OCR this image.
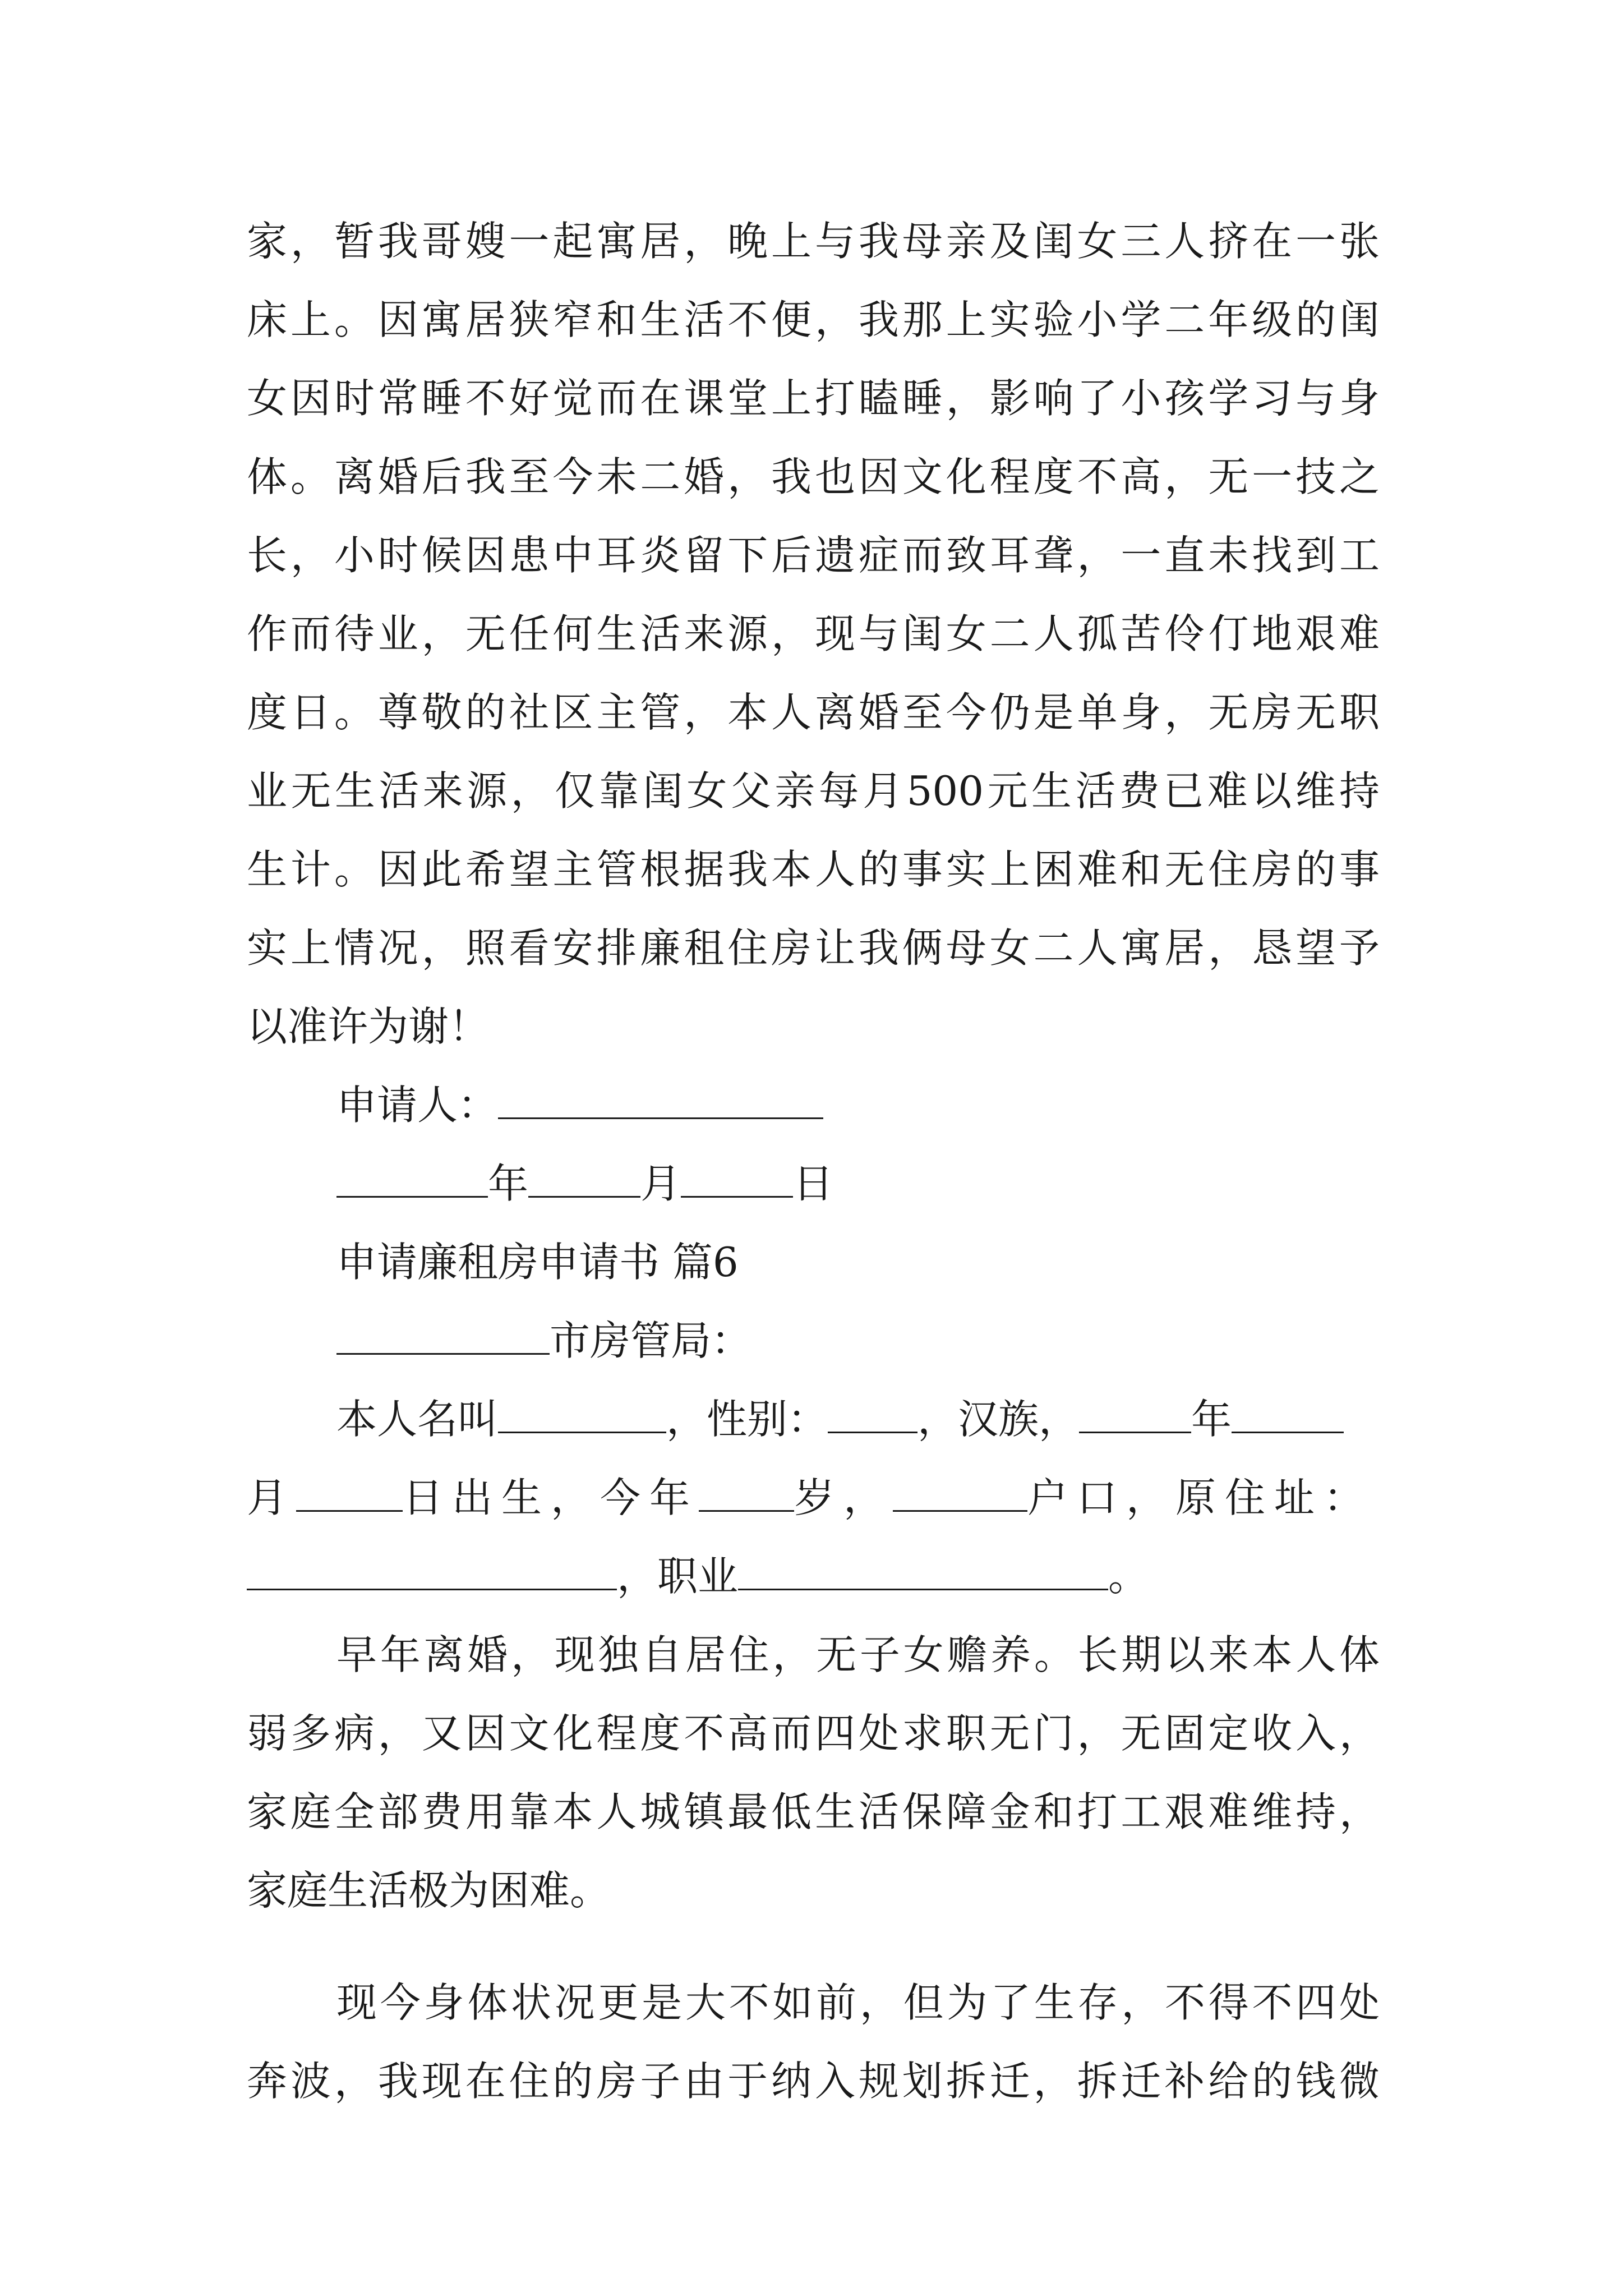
家，暂我哥嫂一起寓居，晚上与我母亲及闺女三人挤在一张
床上。因寓居狭窄和生活不便，我那上实验小学二年级的闺
女因时常睡不好觉而在课堂上打瞌睡，影响了小孩学习与身
体。离婚后我至今未二婚，我也因文化程度不高，无一技之
长，小时候因患中耳炎留下后遗症而致耳聋，一直未找到工
作而待业，无任何生活来源，现与闺女二人孤苦伶仃地艰难
度日。尊敬的社区主管，本人离婚至今仍是单身，无房无职
业无生活来源，仅靠闺女父亲每月500元生活费已难以维持
生计。因此希望主管根据我本人的事实上困难和无住房的事
实上情况，照看安排廉租住房让我俩母女二人寓居，恳望予
以准许为谢！
申请人：
年	月	日
申请廉租房申请书 篇6
市房管局：
本人名叫	，性别： ，汉族，	年
月	日出生，今年 岁，	户口，原住址：
，职业	。
早年离婚，现独自居住，无子女赡养。长期以来本人体
弱多病，又因文化程度不高而四处求职无门，无固定收入，
家庭全部费用靠本人城镇最低生活保障金和打工艰难维持，
家庭生活极为困难。
现今身体状况更是大不如前，但为了生存，不得不四处
奔波，我现在住的房子由于纳入规划拆迁，拆迁补给的钱微
